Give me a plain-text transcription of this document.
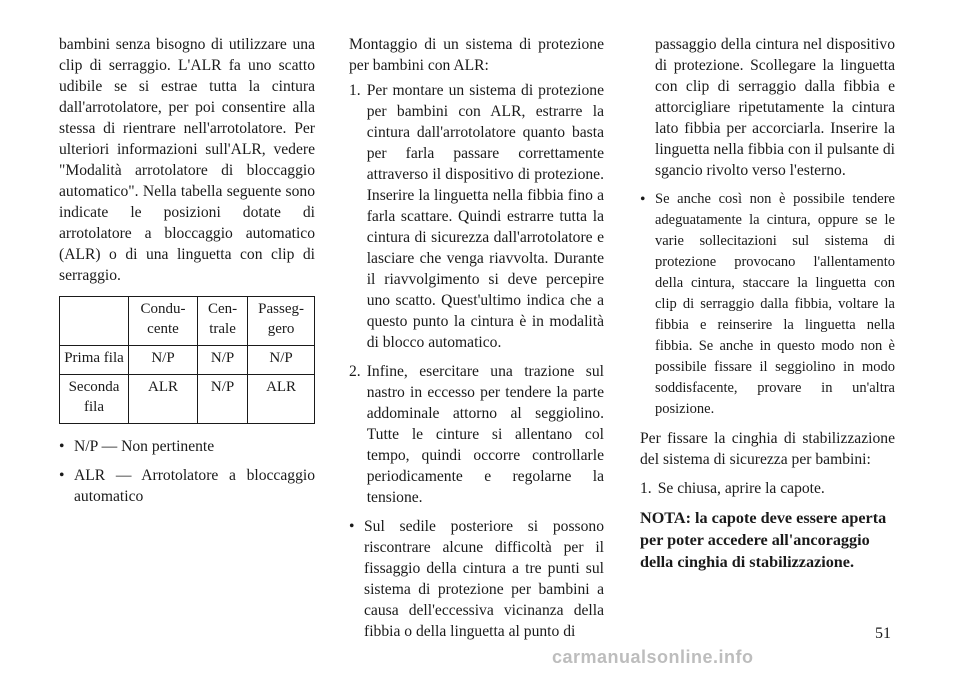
bambini senza bisogno di utilizzare una clip di serraggio. L'ALR fa uno scatto udibile se si estrae tutta la cintura dall'arrotolatore, per poi consentire alla stessa di rientrare nell'arrotolatore. Per ulteriori informazioni sull'ALR, vedere "Modalità arrotolatore di bloccaggio automatico". Nella tabella seguente sono indicate le posizioni dotate di arrotolatore a bloccaggio automatico (ALR) o di una linguetta con clip di serraggio.

	Condu-cente	Cen-trale	Passeg-gero
Prima fila	N/P	N/P	N/P
Seconda fila	ALR	N/P	ALR
• N/P — Non pertinente
• ALR — Arrotolatore a bloccaggio automatico

Montaggio di un sistema di protezione per bambini con ALR:

1. Per montare un sistema di protezione per bambini con ALR, estrarre la cintura dall'arrotolatore quanto basta per farla passare correttamente attraverso il dispositivo di protezione. Inserire la linguetta nella fibbia fino a farla scattare. Quindi estrarre tutta la cintura di sicurezza dall'arrotolatore e lasciare che venga riavvolta. Durante il riavvolgimento si deve percepire uno scatto. Quest'ultimo indica che a questo punto la cintura è in modalità di blocco automatico.
2. Infine, esercitare una trazione sul nastro in eccesso per tendere la parte addominale attorno al seggiolino. Tutte le cinture si allentano col tempo, quindi occorre controllarle periodicamente e regolarne la tensione.
• Sul sedile posteriore si possono riscontrare alcune difficoltà per il fissaggio della cintura a tre punti sul sistema di protezione per bambini a causa dell'eccessiva vicinanza della fibbia o della linguetta al punto di
passaggio della cintura nel dispositivo di protezione. Scollegare la linguetta con clip di serraggio dalla fibbia e attorcigliare ripetutamente la cintura lato fibbia per accorciarla. Inserire la linguetta nella fibbia con il pulsante di sgancio rivolto verso l'esterno.
• Se anche così non è possibile tendere adeguatamente la cintura, oppure se le varie sollecitazioni sul sistema di protezione provocano l'allentamento della cintura, staccare la linguetta con clip di serraggio dalla fibbia, voltare la fibbia e reinserire la linguetta nella fibbia. Se anche in questo modo non è possibile fissare il seggiolino in modo soddisfacente, provare in un'altra posizione.

Per fissare la cinghia di stabilizzazione del sistema di sicurezza per bambini:

1. Se chiusa, aprire la capote.

NOTA: la capote deve essere aperta per poter accedere all'ancoraggio della cinghia di stabilizzazione.

51
carmanualsonline.info
